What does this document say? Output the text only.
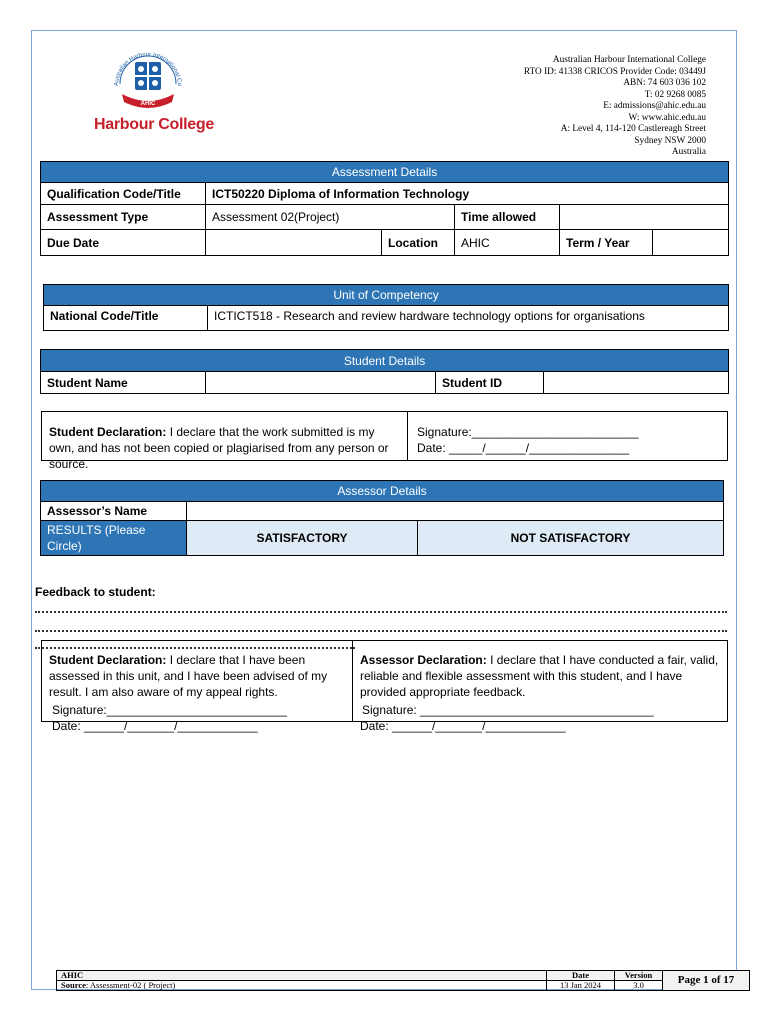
Australian Harbour International Co
AHIC
Harbour College
Australian Harbour International College
RTO ID: 41338 CRICOS Provider Code: 03449J
ABN: 74 603 036 102
T: 02 9268 0085
E: admissions@ahic.edu.au
W: www.ahic.edu.au
A: Level 4, 114-120 Castlereagh Street
Sydney NSW 2000
Australia
Assessment Details					
Qualification Code/Title	ICT50220 Diploma of Information Technology				
Assessment Type	Assessment 02(Project)		Time allowed		
Due Date		Location	AHIC	Term / Year	
Unit of Competency
National Code/Title	ICTICT518 - Research and review hardware technology options for organisations
Student Details
Student Name		Student ID	
Student Declaration: I declare that the work submitted is my own, and has not been copied or plagiarised from any person or source.
Signature:_________________________
Date: _____/______/_______________
Assessor Details		
Assessor’s Name		
RESULTS (Please Circle)	SATISFACTORY	NOT SATISFACTORY
Feedback to student:
Student Declaration: I declare that I have been assessed in this unit, and I have been advised of my result. I am also aware of my appeal rights.
Signature:___________________________
Date: ______/_______/____________
Assessor Declaration: I declare that I have conducted a fair, valid, reliable and flexible assessment with this student, and I have provided appropriate feedback.
Signature: ___________________________________
Date: ______/_______/____________
AHIC	Date	Version	Page 1 of 17
Source: Assessment-02 ( Project)	13 Jan 2024	3.0	
